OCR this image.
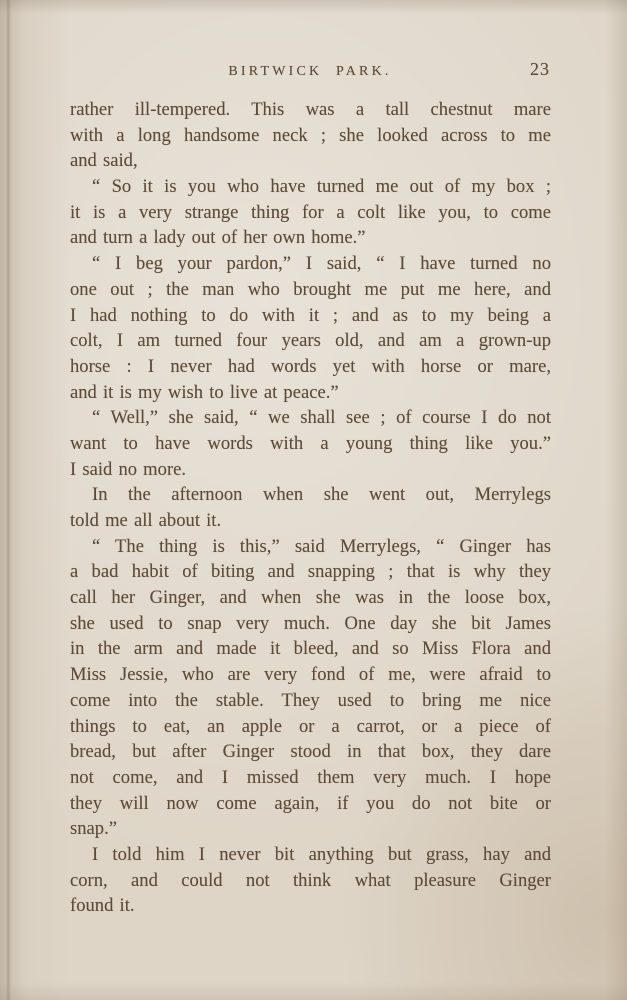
BIRTWICK PARK.	23
rather ill-tempered. This was a tall chestnut mare
with a long handsome neck ; she looked across to me
and said,
“ So it is you who have turned me out of my box ;
it is a very strange thing for a colt like you, to come
and turn a lady out of her own home.”
“ I beg your pardon,” I said, “ I have turned no
one out ; the man who brought me put me here, and
I had nothing to do with it ; and as to my being a
colt, I am turned four years old, and am a grown-up
horse : I never had words yet with horse or mare,
and it is my wish to live at peace.”
“ Well,” she said, “ we shall see ; of course I do not
want to have words with a young thing like you.”
I said no more.
In the afternoon when she went out, Merrylegs
told me all about it.
“ The thing is this,” said Merrylegs, “ Ginger has
a bad habit of biting and snapping ; that is why they
call her Ginger, and when she was in the loose box,
she used to snap very much. One day she bit James
in the arm and made it bleed, and so Miss Flora and
Miss Jessie, who are very fond of me, were afraid to
come into the stable. They used to bring me nice
things to eat, an apple or a carrot, or a piece of
bread, but after Ginger stood in that box, they dare
not come, and I missed them very much. I hope
they will now come again, if you do not bite or
snap.”
I told him I never bit anything but grass, hay and
corn, and could not think what pleasure Ginger
found it.
